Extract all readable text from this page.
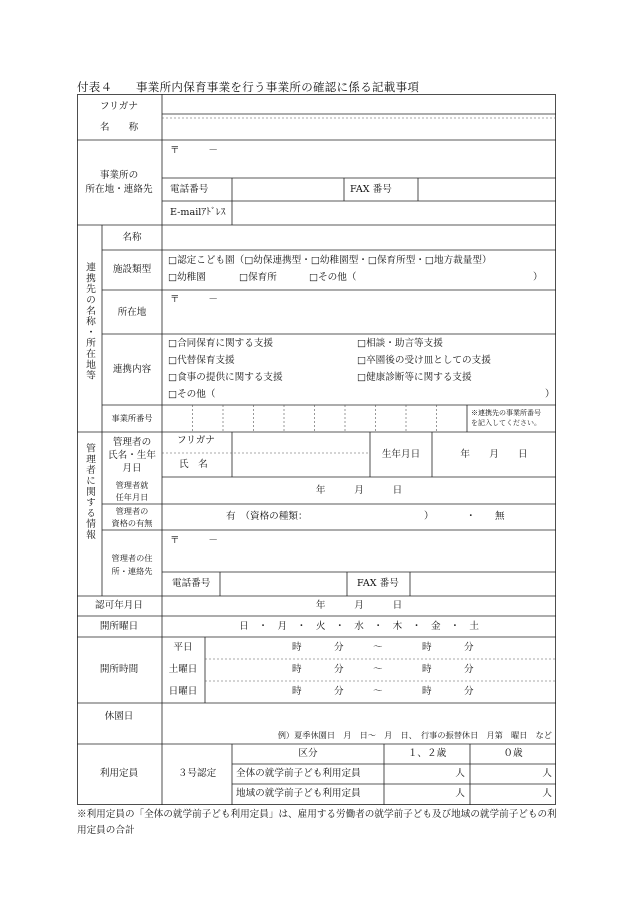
付表４　　事業所内保育事業を行う事業所の確認に係る記載事項
フリガナ
名　　称
事業所の
所在地・連絡先
〒　　　－
電話番号	FAX 番号
E-mailｱﾄﾞﾚｽ
連携先の名称・所在地等
名称
施設類型
□認定こども園（□幼保連携型・□幼稚園型・□保育所型・□地方裁量型）
□幼稚園	□保育所	□その他（	）
所在地
〒　　　－
連携内容
□合同保育に関する支援	□相談・助言等支援
□代替保育支援	□卒園後の受け皿としての支援
□食事の提供に関する支援	□健康診断等に関する支援
□その他（	）
事業所番号	※連携先の事業所番号
を記入してください。
管理者に関する情報
管理者の
氏名・生年
月日
フリガナ
氏　名
生年月日	年　　月　　日
管理者就
任年月日
年　　　月　　　日
管理者の
資格の有無
有　（資格の種類：	）	・ 無
管理者の住
所・連絡先
〒　　　－
電話番号	FAX 番号
認可年月日	年　　　月　　　日
開所曜日	日　・　月　・　火　・　水　・　木　・　金　・　土
開所時間
平日	時	分	～	時	分
土曜日	時	分	～	時	分
日曜日	時	分	～	時	分
休園日
例）夏季休園日　月　日～　月　日、　行事の振替休日　月第　曜日　など
利用定員	３号認定
区分	１、２歳	０歳
全体の就学前子ども利用定員	人	人
地域の就学前子ども利用定員	人	人
※利用定員の「全体の就学前子ども利用定員」は、雇用する労働者の就学前子ども及び地域の就学前子どもの利用定員の合計
